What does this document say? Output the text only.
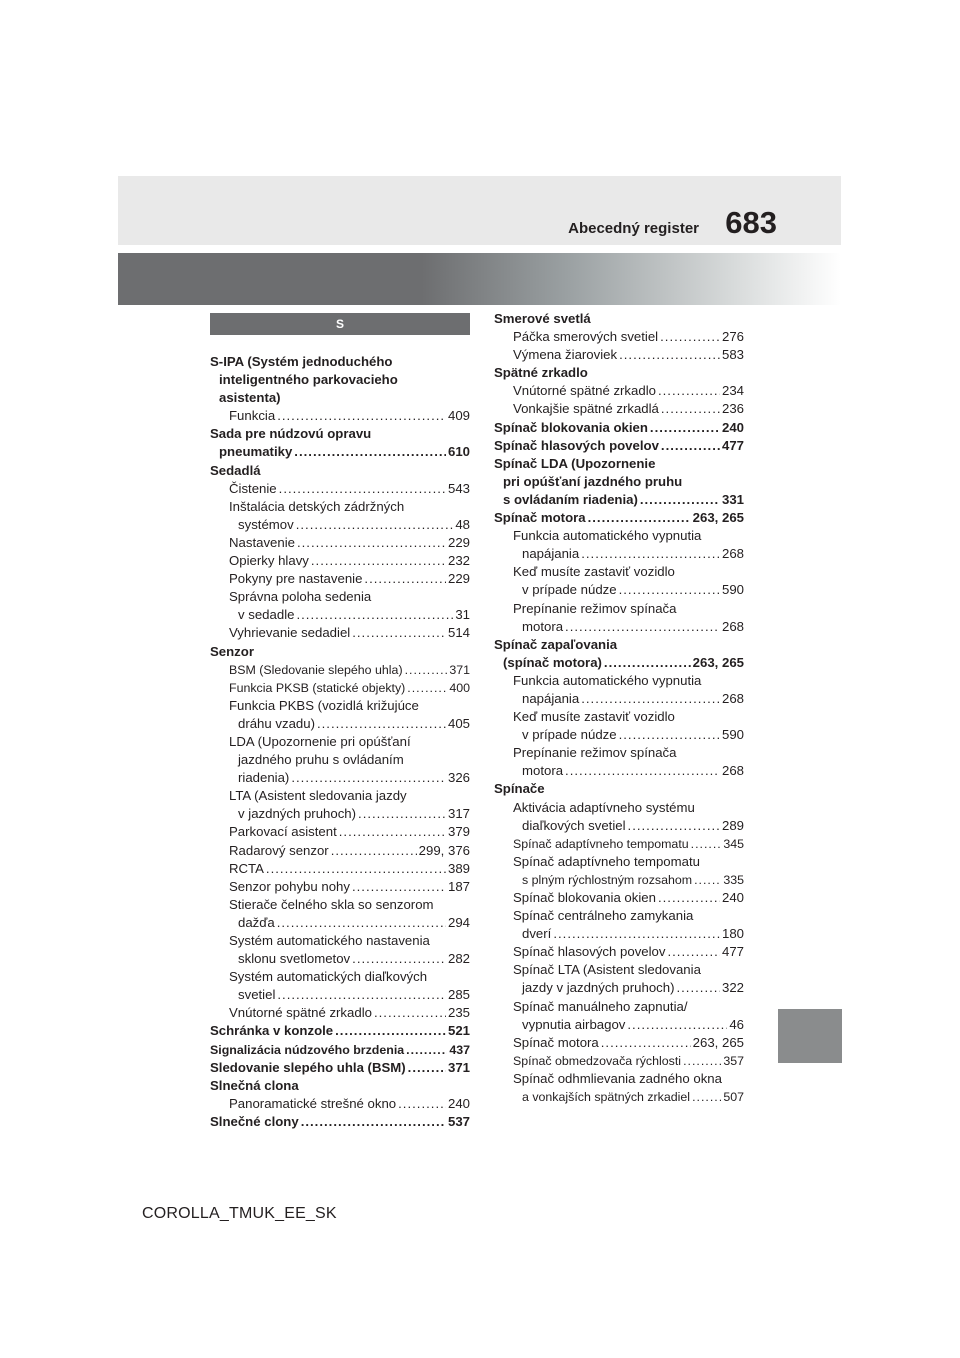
Abecedný register 683
S
S-IPA (Systém jednoduchého
inteligentného parkovacieho
asistenta)
Funkcia .....	409
Sada pre núdzovú opravu
pneumatiky .....	610
Sedadlá
Čistenie .....	543
Inštalácia detských zádržných
systémov .....	48
Nastavenie .....	229
Opierky hlavy .....	232
Pokyny pre nastavenie .....	229
Správna poloha sedenia
v sedadle .....	31
Vyhrievanie sedadiel .....	514
Senzor
BSM (Sledovanie slepého uhla) .....	371
Funkcia PKSB (statické objekty) .....	400
Funkcia PKBS (vozidlá križujúce
dráhu vzadu) .....	405
LDA (Upozornenie pri opúšťaní
jazdného pruhu s ovládaním
riadenia) .....	326
LTA (Asistent sledovania jazdy
v jazdných pruhoch) .....	317
Parkovací asistent .....	379
Radarový senzor .....	299, 376
RCTA .....	389
Senzor pohybu nohy .....	187
Stierače čelného skla so senzorom
dažďa .....	294
Systém automatického nastavenia
sklonu svetlometov .....	282
Systém automatických diaľkových
svetiel .....	285
Vnútorné spätné zrkadlo .....	235
Schránka v konzole .....	521
Signalizácia núdzového brzdenia .....	437
Sledovanie slepého uhla (BSM) .....	371
Slnečná clona
Panoramatické strešné okno .....	240
Slnečné clony .....	537
Smerové svetlá
Páčka smerových svetiel .....	276
Výmena žiaroviek .....	583
Spätné zrkadlo
Vnútorné spätné zrkadlo .....	234
Vonkajšie spätné zrkadlá .....	236
Spínač blokovania okien .....	240
Spínač hlasových povelov .....	477
Spínač LDA (Upozornenie
pri opúšťaní jazdného pruhu
s ovládaním riadenia) .....	331
Spínač motora .....	263, 265
Funkcia automatického vypnutia
napájania .....	268
Keď musíte zastaviť vozidlo
v prípade núdze .....	590
Prepínanie režimov spínača
motora .....	268
Spínač zapaľovania
(spínač motora) .....	263, 265
Funkcia automatického vypnutia
napájania .....	268
Keď musíte zastaviť vozidlo
v prípade núdze .....	590
Prepínanie režimov spínača
motora .....	268
Spínače
Aktivácia adaptívneho systému
diaľkových svetiel .....	289
Spínač adaptívneho tempomatu .....	345
Spínač adaptívneho tempomatu
s plným rýchlostným rozsahom .....	335
Spínač blokovania okien .....	240
Spínač centrálneho zamykania
dverí .....	180
Spínač hlasových povelov .....	477
Spínač LTA (Asistent sledovania
jazdy v jazdných pruhoch) .....	322
Spínač manuálneho zapnutia/
vypnutia airbagov .....	46
Spínač motora .....	263, 265
Spínač obmedzovača rýchlosti .....	357
Spínač odhmlievania zadného okna
a vonkajších spätných zrkadiel .....	507
COROLLA_TMUK_EE_SK
